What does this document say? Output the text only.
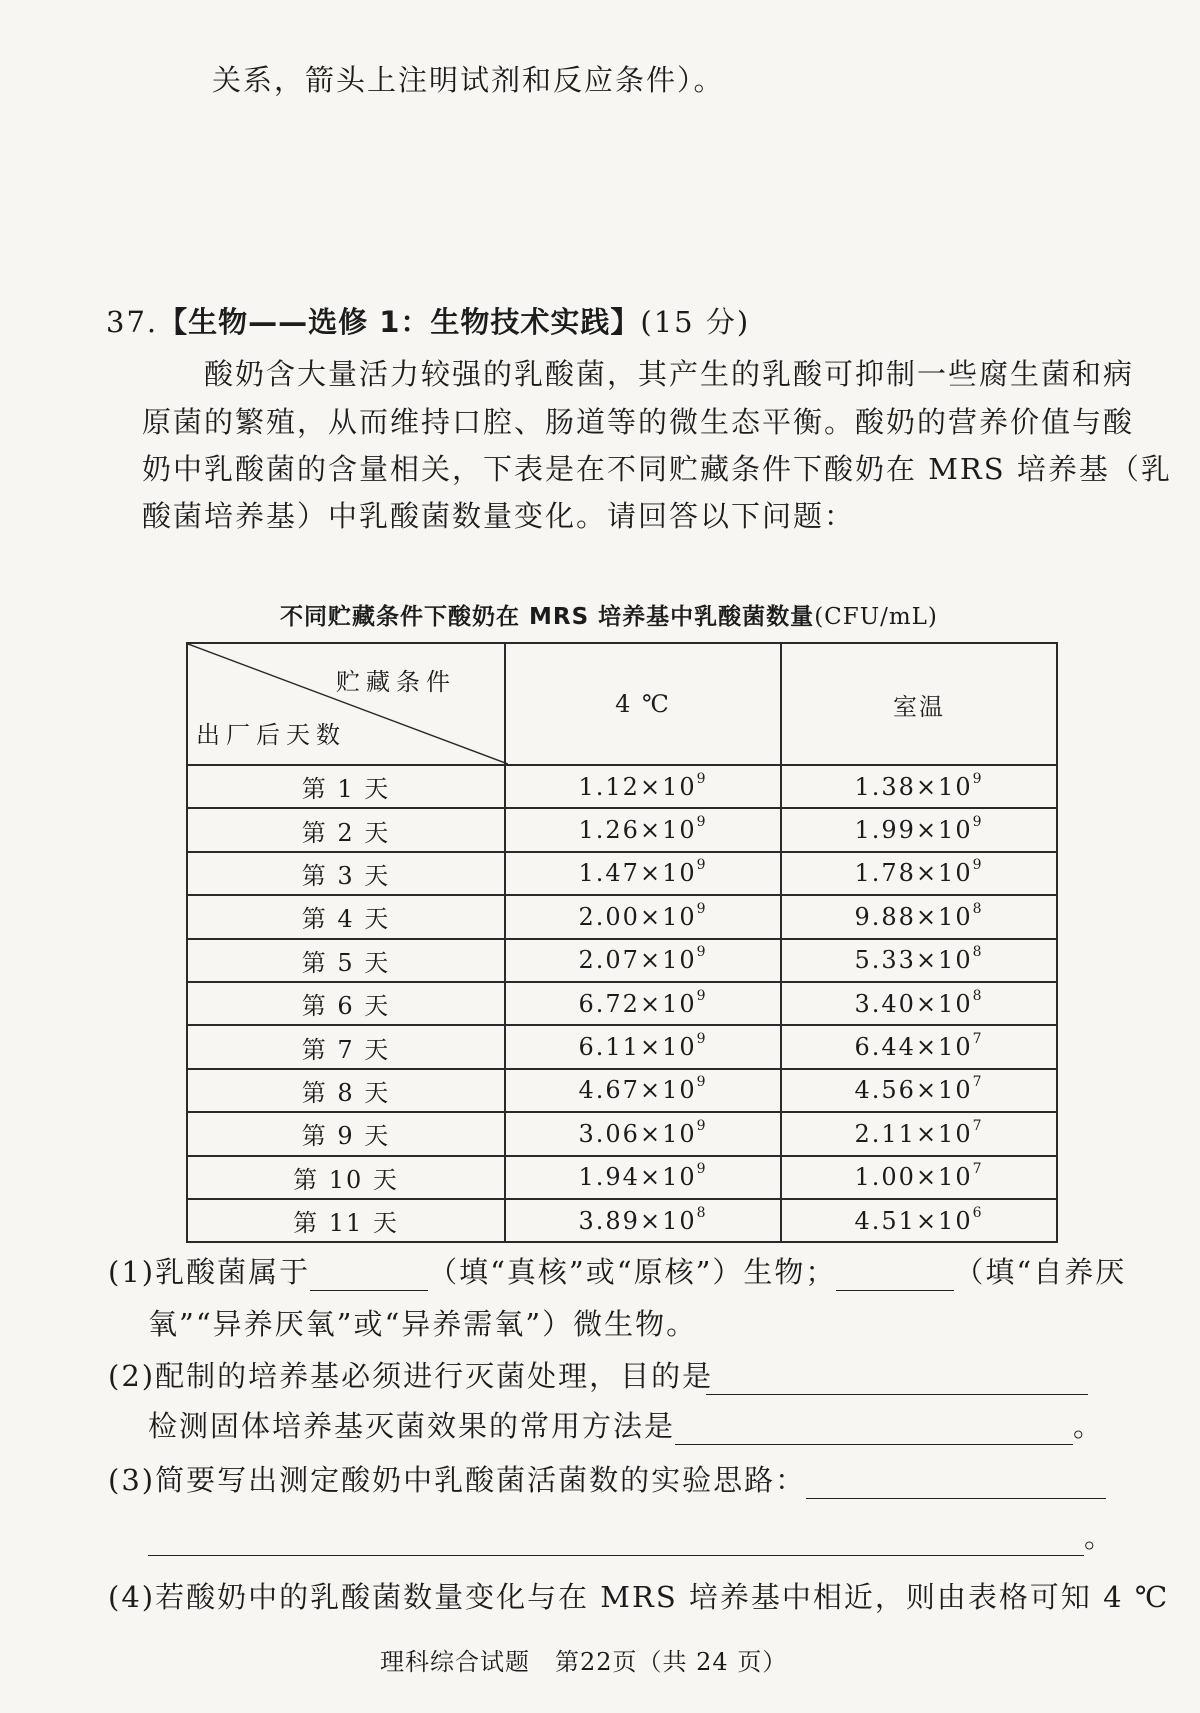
关系，箭头上注明试剂和反应条件）。
37.【生物——选修 1：生物技术实践】(15 分)
酸奶含大量活力较强的乳酸菌，其产生的乳酸可抑制一些腐生菌和病
原菌的繁殖，从而维持口腔、肠道等的微生态平衡。酸奶的营养价值与酸
奶中乳酸菌的含量相关，下表是在不同贮藏条件下酸奶在 MRS 培养基（乳
酸菌培养基）中乳酸菌数量变化。请回答以下问题：
不同贮藏条件下酸奶在 MRS 培养基中乳酸菌数量(CFU/mL)
贮藏条件
出厂后天数	4 ℃	室温
第 1 天	$1.12\times 10^9$	$1.38\times 10^9$
第 2 天	$1.26\times 10^9$	$1.99\times 10^9$
第 3 天	$1.47\times 10^9$	$1.78\times 10^9$
第 4 天	$2.00\times 10^9$	$9.88\times 10^8$
第 5 天	$2.07\times 10^9$	$5.33\times 10^8$
第 6 天	$6.72\times 10^9$	$3.40\times 10^8$
第 7 天	$6.11\times 10^9$	$6.44\times 10^7$
第 8 天	$4.67\times 10^9$	$4.56\times 10^7$
第 9 天	$3.06\times 10^9$	$2.11\times 10^7$
第 10 天	$1.94\times 10^9$	$1.00\times 10^7$
第 11 天	$3.89\times 10^8$	$4.51\times 10^6$
(1)乳酸菌属于	（填“真核”或“原核”）生物；	（填“自养厌
氧”“异养厌氧”或“异养需氧”）微生物。
(2)配制的培养基必须进行灭菌处理，目的是
检测固体培养基灭菌效果的常用方法是	。
(3)简要写出测定酸奶中乳酸菌活菌数的实验思路：
。
(4)若酸奶中的乳酸菌数量变化与在 MRS 培养基中相近，则由表格可知 4 ℃
理科综合试题　第22页（共 24 页）
